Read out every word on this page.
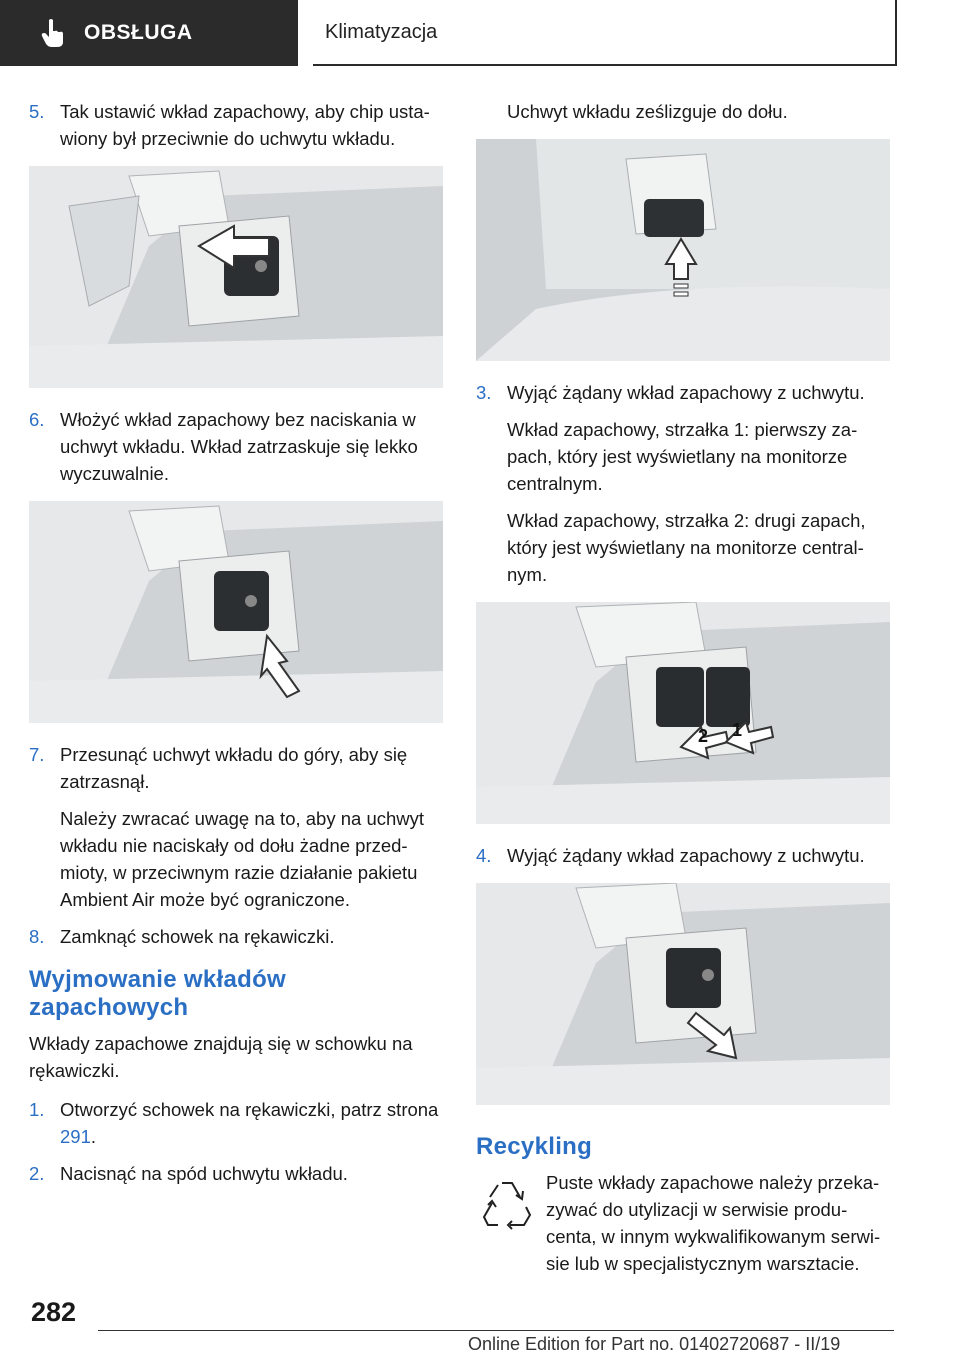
OBSŁUGA	Klimatyzacja
5. Tak ustawić wkład zapachowy, aby chip usta-wiony był przeciwnie do uchwytu wkładu.

6. Włożyć wkład zapachowy bez naciskania w uchwyt wkładu. Wkład zatrzaskuje się lekko wyczuwalnie.

7. Przesunąć uchwyt wkładu do góry, aby się zatrzasnął.

Należy zwracać uwagę na to, aby na uchwyt wkładu nie naciskały od dołu żadne przed-mioty, w przeciwnym razie działanie pakietu Ambient Air może być ograniczone.

8. Zamknąć schowek na rękawiczki.

Wyjmowanie wkładów zapachowych

Wkłady zapachowe znajdują się w schowku na rękawiczki.

1. Otworzyć schowek na rękawiczki, patrz strona 291.

2. Nacisnąć na spód uchwytu wkładu.

Uchwyt wkładu ześlizguje do dołu.

3. Wyjąć żądany wkład zapachowy z uchwytu.

Wkład zapachowy, strzałka 1: pierwszy za-pach, który jest wyświetlany na monitorze centralnym.

Wkład zapachowy, strzałka 2: drugi zapach, który jest wyświetlany na monitorze central-nym.

2 1
4. Wyjąć żądany wkład zapachowy z uchwytu.

Recykling

Puste wkłady zapachowe należy przeka-zywać do utylizacji w serwisie produ-centa, w innym wykwalifikowanym serwi-sie lub w specjalistycznym warsztacie.

282
Online Edition for Part no. 01402720687 - II/19
